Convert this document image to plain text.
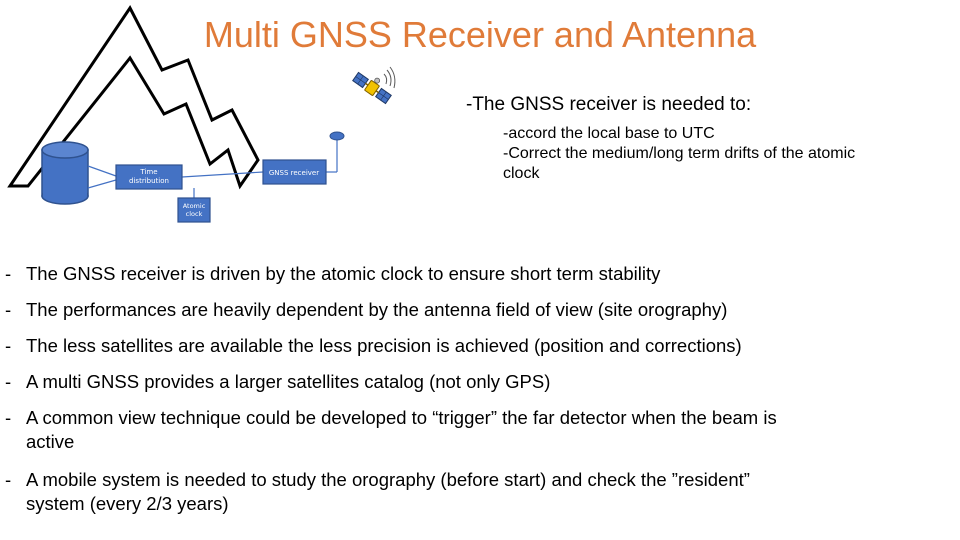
Multi GNSS Receiver and Antenna
Time
distribution
GNSS receiver
Atomic
clock
-The GNSS receiver is needed to:
-accord the local base to UTC
-Correct the medium/long term drifts of the atomic
clock
- The GNSS receiver is driven by the atomic clock to ensure short term stability
- The performances are heavily dependent by the antenna field of view (site orography)
- The less satellites are available the less precision is achieved (position and corrections)
- A multi GNSS provides a larger satellites catalog (not only GPS)
- A common view technique could be developed to “trigger” the far detector when the beam is
active
- A mobile system is needed to study the orography (before start) and check the ”resident”
system (every 2/3 years)
